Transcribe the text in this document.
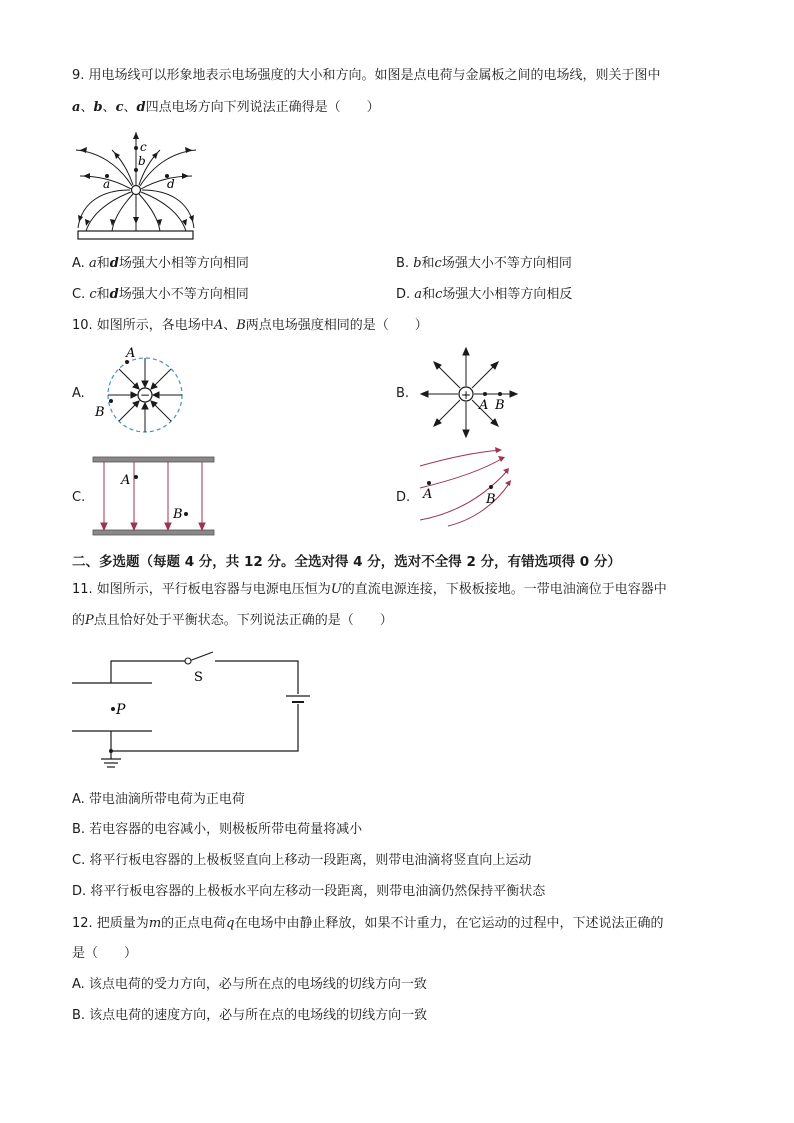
9. 用电场线可以形象地表示电场强度的大小和方向。如图是点电荷与金属板之间的电场线，则关于图中
a、b、c、d四点电场方向下列说法正确得是（　　）
c
b
a	d
A. a和d场强大小相等方向相同	B. b和c场强大小不等方向相同
C. c和d场强大小不等方向相同	D. a和c场强大小相等方向相反
10. 如图所示，各电场中A、B两点电场强度相同的是（　　）
A.	−
A
B
B.	+
A B
C.
A
B
D. A	B
二、多选题（每题 4 分，共 12 分。全选对得 4 分，选对不全得 2 分，有错选项得 0 分）
11. 如图所示，平行板电容器与电源电压恒为U的直流电源连接，下极板接地。一带电油滴位于电容器中
的P点且恰好处于平衡状态。下列说法正确的是（　　）
S
P
A. 带电油滴所带电荷为正电荷
B. 若电容器的电容减小，则极板所带电荷量将减小
C. 将平行板电容器的上极板竖直向上移动一段距离，则带电油滴将竖直向上运动
D. 将平行板电容器的上极板水平向左移动一段距离，则带电油滴仍然保持平衡状态
12. 把质量为m的正点电荷q在电场中由静止释放，如果不计重力，在它运动的过程中，下述说法正确的
是（　　）
A. 该点电荷的受力方向，必与所在点的电场线的切线方向一致
B. 该点电荷的速度方向，必与所在点的电场线的切线方向一致
